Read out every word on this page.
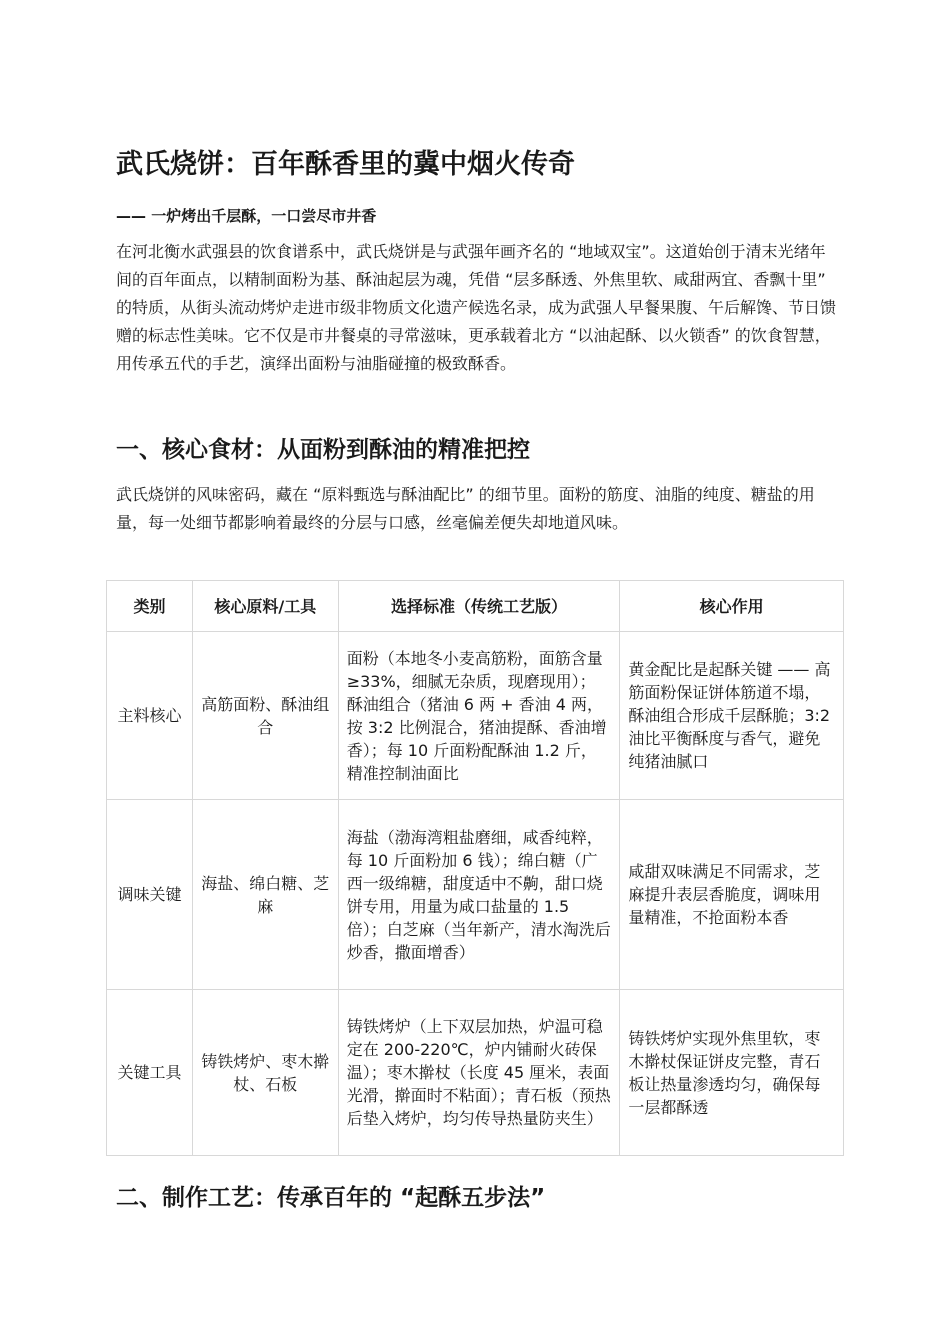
武氏烧饼：百年酥香里的冀中烟火传奇
—— 一炉烤出千层酥，一口尝尽市井香

在河北衡水武强县的饮食谱系中，武氏烧饼是与武强年画齐名的 “地域双宝”。这道始创于清末光绪年间的百年面点，以精制面粉为基、酥油起层为魂，凭借 “层多酥透、外焦里软、咸甜两宜、香飘十里” 的特质，从街头流动烤炉走进市级非物质文化遗产候选名录，成为武强人早餐果腹、午后解馋、节日馈赠的标志性美味。它不仅是市井餐桌的寻常滋味，更承载着北方 “以油起酥、以火锁香” 的饮食智慧，用传承五代的手艺，演绎出面粉与油脂碰撞的极致酥香。

一、核心食材：从面粉到酥油的精准把控

武氏烧饼的风味密码，藏在 “原料甄选与酥油配比” 的细节里。面粉的筋度、油脂的纯度、糖盐的用量，每一处细节都影响着最终的分层与口感，丝毫偏差便失却地道风味。

类别	核心原料/工具	选择标准（传统工艺版）	核心作用
主料核心	高筋面粉、酥油组合	面粉（本地冬小麦高筋粉，面筋含量≥33%，细腻无杂质，现磨现用）；酥油组合（猪油 6 两 + 香油 4 两，按 3:2 比例混合，猪油提酥、香油增香）；每 10 斤面粉配酥油 1.2 斤，精准控制油面比	黄金配比是起酥关键 —— 高筋面粉保证饼体筋道不塌，酥油组合形成千层酥脆；3:2 油比平衡酥度与香气，避免纯猪油腻口
调味关键	海盐、绵白糖、芝麻	海盐（渤海湾粗盐磨细，咸香纯粹，每 10 斤面粉加 6 钱）；绵白糖（广西一级绵糖，甜度适中不齁，甜口烧饼专用，用量为咸口盐量的 1.5 倍）；白芝麻（当年新产，清水淘洗后炒香，撒面增香）	咸甜双味满足不同需求，芝麻提升表层香脆度，调味用量精准，不抢面粉本香
关键工具	铸铁烤炉、枣木擀杖、石板	铸铁烤炉（上下双层加热，炉温可稳定在 200-220℃，炉内铺耐火砖保温）；枣木擀杖（长度 45 厘米，表面光滑，擀面时不粘面）；青石板（预热后垫入烤炉，均匀传导热量防夹生）	铸铁烤炉实现外焦里软，枣木擀杖保证饼皮完整，青石板让热量渗透均匀，确保每一层都酥透
二、制作工艺：传承百年的 “起酥五步法”
